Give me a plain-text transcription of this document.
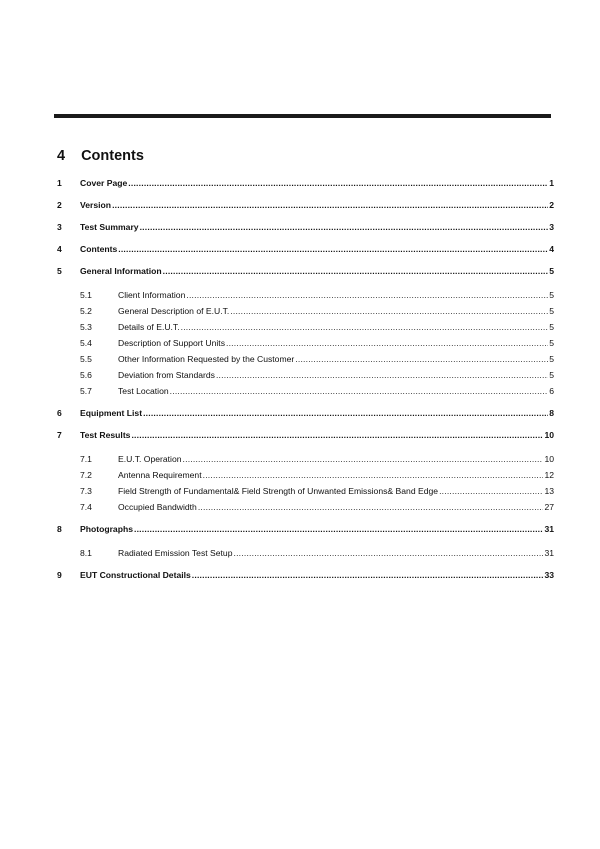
4 Contents
1	Cover Page .....	1
2	Version .....	2
3	Test Summary .....	3
4	Contents .....	4
5	General Information .....	5
5.1	Client Information .....	5
5.2	General Description of E.U.T. .....	5
5.3	Details of E.U.T. .....	5
5.4	Description of Support Units .....	5
5.5	Other Information Requested by the Customer .....	5
5.6	Deviation from Standards .....	5
5.7	Test Location .....	6
6	Equipment List .....	8
7	Test Results .....	10
7.1	E.U.T. Operation .....	10
7.2	Antenna Requirement .....	12
7.3	Field Strength of Fundamental& Field Strength of Unwanted Emissions& Band Edge .....	13
7.4	Occupied Bandwidth .....	27
8	Photographs .....	31
8.1	Radiated Emission Test Setup .....	31
9	EUT Constructional Details .....	33
